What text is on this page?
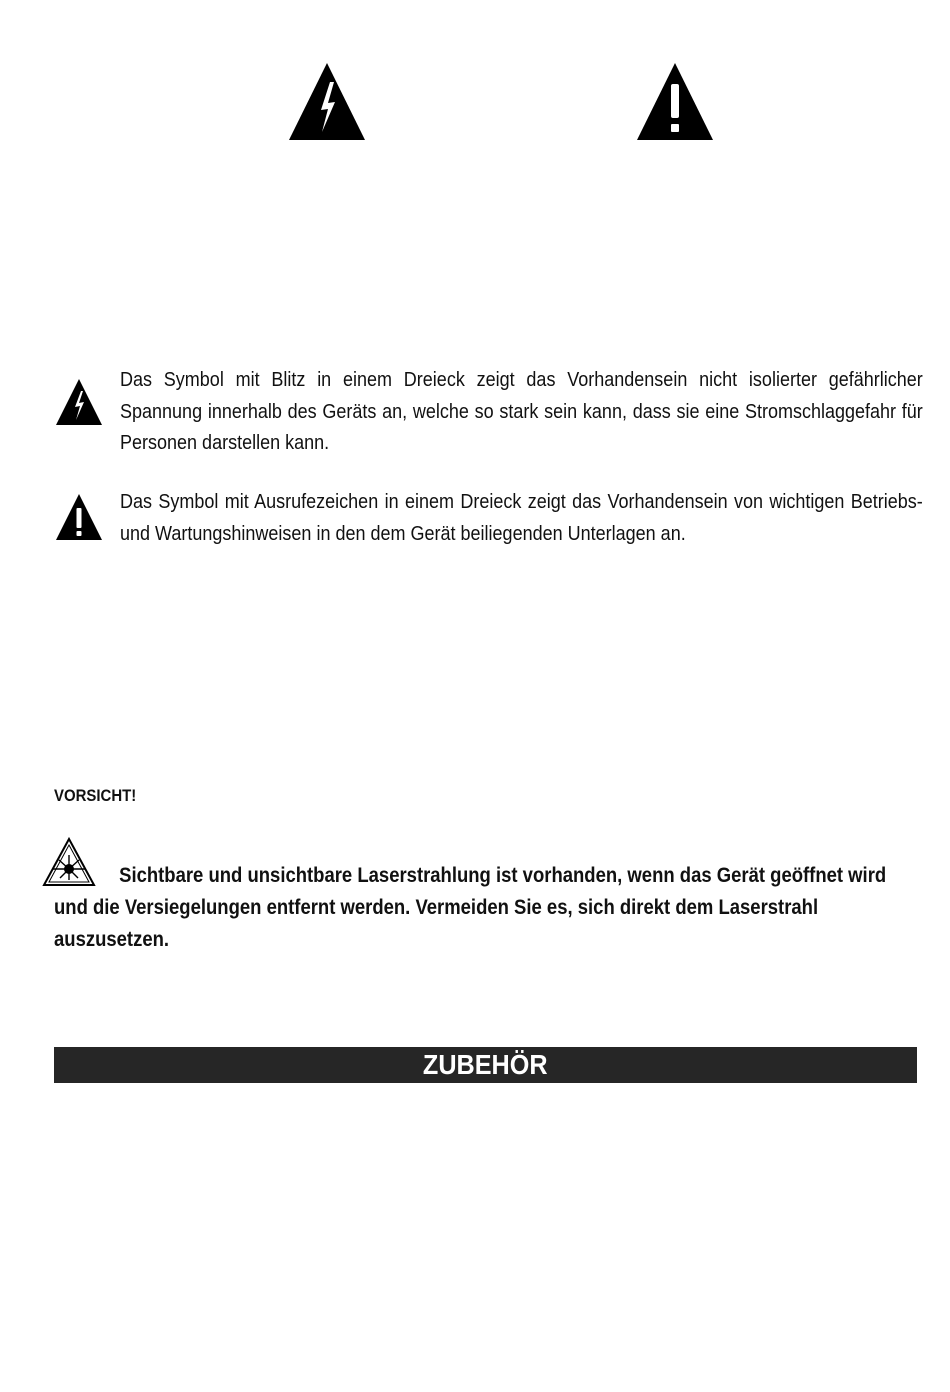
Das Symbol mit Blitz in einem Dreieck zeigt das Vorhandensein nicht isolierter gefährlicher Spannung innerhalb des Geräts an, welche so stark sein kann, dass sie eine Stromschlaggefahr für Personen darstellen kann.
Das Symbol mit Ausrufezeichen in einem Dreieck zeigt das Vorhandensein von wichtigen Betriebs- und Wartungshinweisen in den dem Gerät beiliegenden Unterlagen an.
VORSICHT!
Sichtbare und unsichtbare Laserstrahlung ist vorhanden, wenn das Gerät geöffnet wird und die Versiegelungen entfernt werden. Vermeiden Sie es, sich direkt dem Laserstrahl auszusetzen.
ZUBEHÖR
